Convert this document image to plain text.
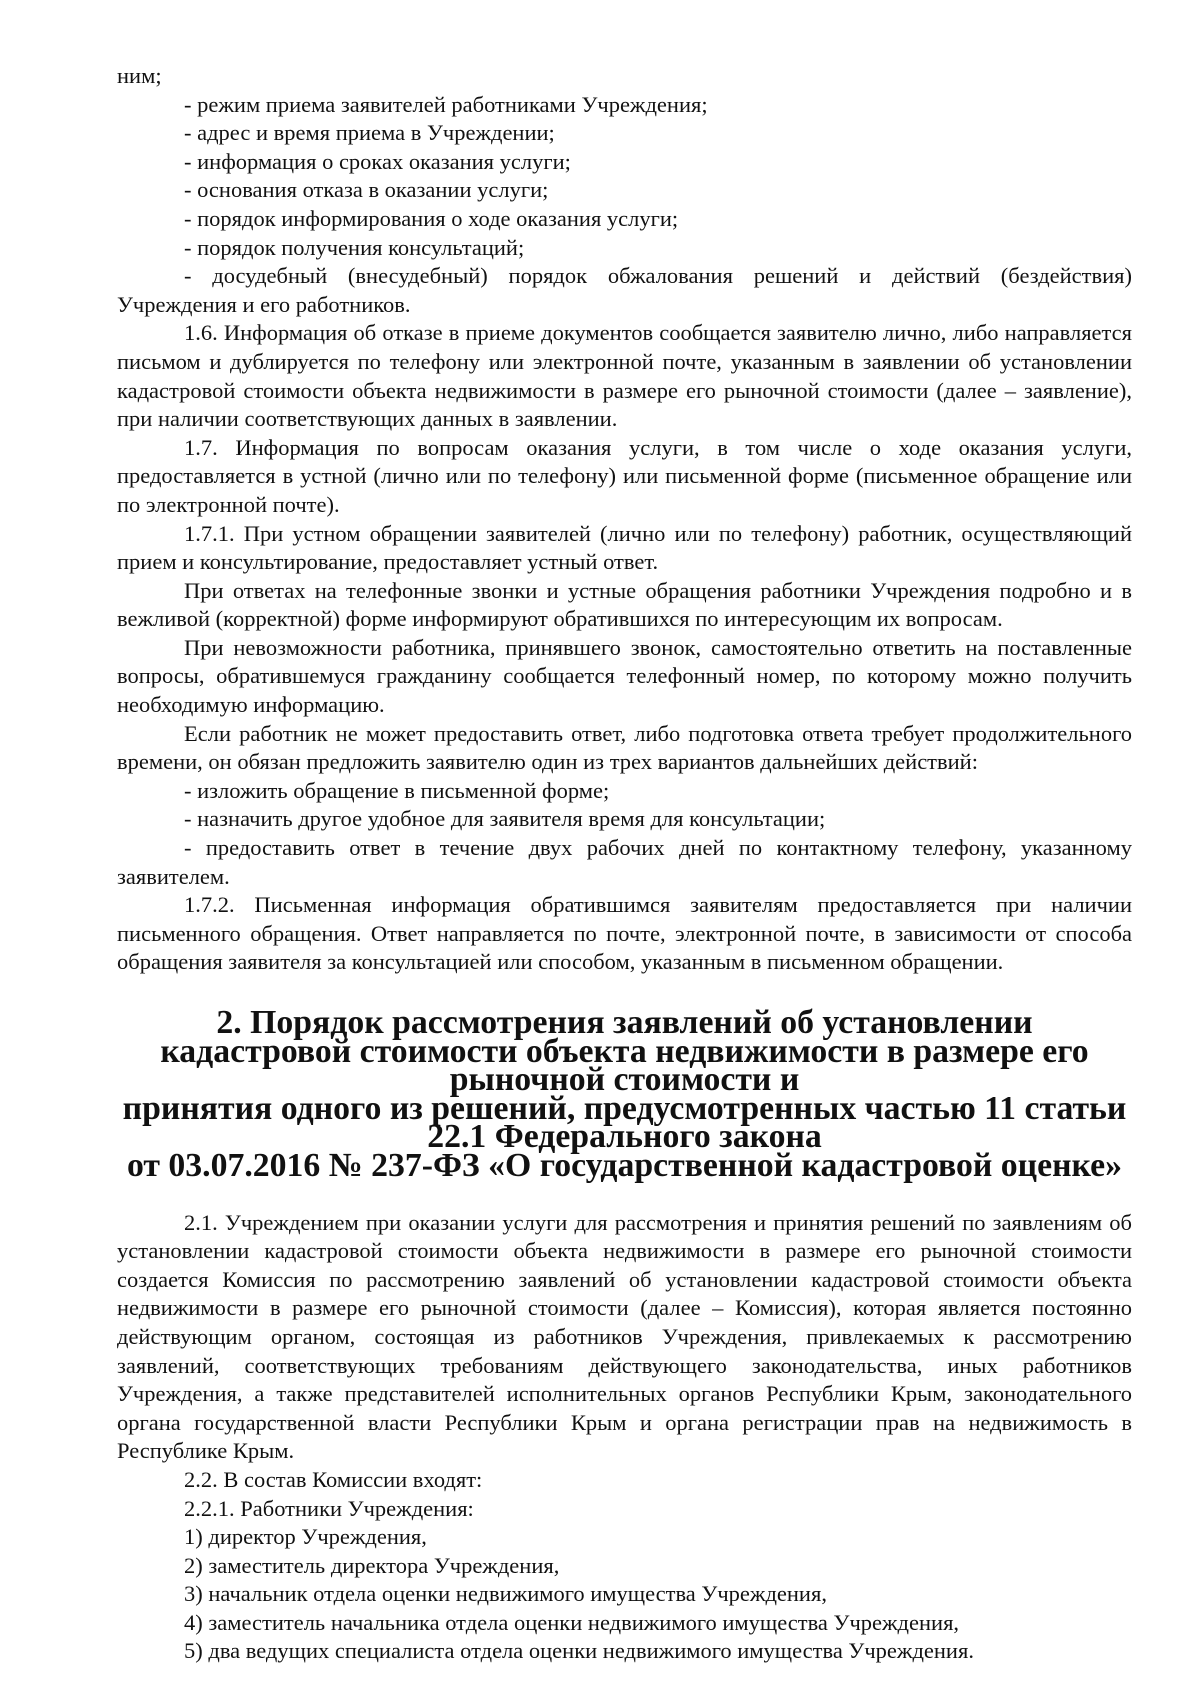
ним;

- режим приема заявителей работниками Учреждения;

- адрес и время приема в Учреждении;

- информация о сроках оказания услуги;

- основания отказа в оказании услуги;

- порядок информирования о ходе оказания услуги;

- порядок получения консультаций;

- досудебный (внесудебный) порядок обжалования решений и действий (бездействия) Учреждения и его работников.

1.6. Информация об отказе в приеме документов сообщается заявителю лично, либо направляется письмом и дублируется по телефону или электронной почте, указанным в заявлении об установлении кадастровой стоимости объекта недвижимости в размере его рыночной стоимости (далее – заявление), при наличии соответствующих данных в заявлении.

1.7. Информация по вопросам оказания услуги, в том числе о ходе оказания услуги, предоставляется в устной (лично или по телефону) или письменной форме (письменное обращение или по электронной почте).

1.7.1. При устном обращении заявителей (лично или по телефону) работник, осуществляющий прием и консультирование, предоставляет устный ответ.

При ответах на телефонные звонки и устные обращения работники Учреждения подробно и в вежливой (корректной) форме информируют обратившихся по интересующим их вопросам.

При невозможности работника, принявшего звонок, самостоятельно ответить на поставленные вопросы, обратившемуся гражданину сообщается телефонный номер, по которому можно получить необходимую информацию.

Если работник не может предоставить ответ, либо подготовка ответа требует продолжительного времени, он обязан предложить заявителю один из трех вариантов дальнейших действий:

- изложить обращение в письменной форме;

- назначить другое удобное для заявителя время для консультации;

- предоставить ответ в течение двух рабочих дней по контактному телефону, указанному заявителем.

1.7.2. Письменная информация обратившимся заявителям предоставляется при наличии письменного обращения. Ответ направляется по почте, электронной почте, в зависимости от способа обращения заявителя за консультацией или способом, указанным в письменном обращении.

2. Порядок рассмотрения заявлений об установлении
кадастровой стоимости объекта недвижимости в размере его рыночной стоимости и
принятия одного из решений, предусмотренных частью 11 статьи 22.1 Федерального закона
от 03.07.2016 № 237-ФЗ «О государственной кадастровой оценке»

2.1. Учреждением при оказании услуги для рассмотрения и принятия решений по заявлениям об установлении кадастровой стоимости объекта недвижимости в размере его рыночной стоимости создается Комиссия по рассмотрению заявлений об установлении кадастровой стоимости объекта недвижимости в размере его рыночной стоимости (далее – Комиссия), которая является постоянно действующим органом, состоящая из работников Учреждения, привлекаемых к рассмотрению заявлений, соответствующих требованиям действующего законодательства, иных работников Учреждения, а также представителей исполнительных органов Республики Крым, законодательного органа государственной власти Республики Крым и органа регистрации прав на недвижимость в Республике Крым.

2.2. В состав Комиссии входят:

2.2.1. Работники Учреждения:

1) директор Учреждения,

2) заместитель директора Учреждения,

3) начальник отдела оценки недвижимого имущества Учреждения,

4) заместитель начальника отдела оценки недвижимого имущества Учреждения,

5) два ведущих специалиста отдела оценки недвижимого имущества Учреждения.
